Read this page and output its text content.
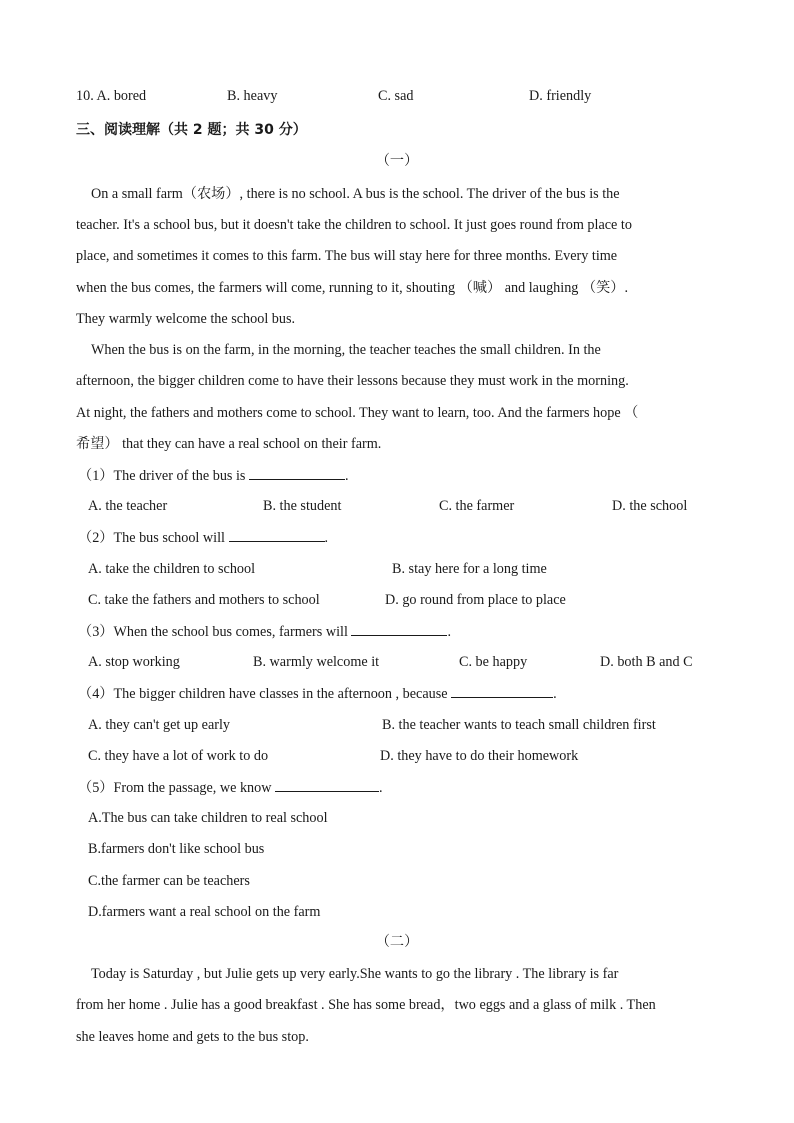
10. A. bored	B. heavy	C. sad	D. friendly
三、阅读理解（共 2 题；共 30 分）
（一）
On a small farm（农场）, there is no school. A bus is the school. The driver of the bus is the
teacher. It's a school bus, but it doesn't take the children to school. It just goes round from place to
place, and sometimes it comes to this farm. The bus will stay here for three months. Every time
when the bus comes, the farmers will come, running to it, shouting （喊） and laughing （笑）.
They warmly welcome the school bus.
When the bus is on the farm, in the morning, the teacher teaches the small children. In the
afternoon, the bigger children come to have their lessons because they must work in the morning.
At night, the fathers and mothers come to school. They want to learn, too. And the farmers hope （
希望） that they can have a real school on their farm.
（1）The driver of the bus is	.
A. the teacher	B. the student	C. the farmer	D. the school
（2）The bus school will	.
A. take the children to school	B. stay here for a long time
C. take the fathers and mothers to school	D. go round from place to place
（3）When the school bus comes, farmers will	.
A. stop working	B. warmly welcome it	C. be happy	D. both B and C
（4）The bigger children have classes in the afternoon , because	.
A. they can't get up early	B. the teacher wants to teach small children first
C. they have a lot of work to do	D. they have to do their homework
（5）From the passage, we know	.
A.The bus can take children to real school
B.farmers don't like school bus
C.the farmer can be teachers
D.farmers want a real school on the farm
（二）
Today is Saturday , but Julie gets up very early.She wants to go the library . The library is far
from her home . Julie has a good breakfast . She has some bread，two eggs and a glass of milk . Then
she leaves home and gets to the bus stop.
